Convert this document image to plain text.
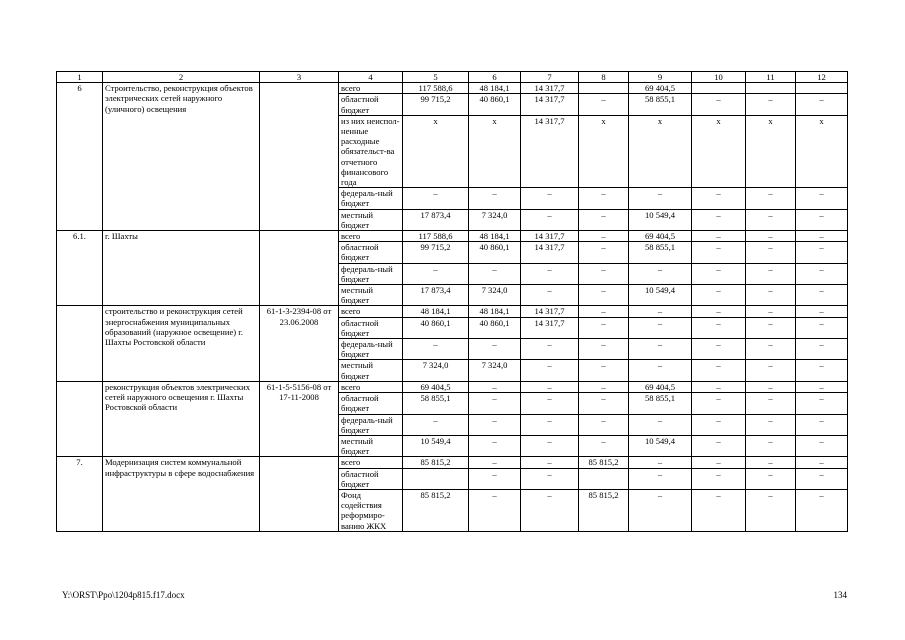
1	2	3	4	5	6	7	8	9	10	11	12
6	Строительство, реконструкция объектов электрических сетей наружного (уличного) освещения		всего	117 588,6	48 184,1	14 317,7		69 404,5			
			областной бюджет	99 715,2	40 860,1	14 317,7	–	58 855,1	–	–	–
			из них неиспол-ненные расходные обязательст-ва отчетного финансового года	х	х	14 317,7	х	х	х	х	х
			федераль-ный бюджет	–	–	–	–	–	–	–	–
			местный бюджет	17 873,4	7 324,0	–	–	10 549,4	–	–	–
6.1.	г. Шахты		всего	117 588,6	48 184,1	14 317,7	–	69 404,5	–	–	–
			областной бюджет	99 715,2	40 860,1	14 317,7	–	58 855,1	–	–	–
			федераль-ный бюджет	–	–	–	–	–	–	–	–
			местный бюджет	17 873,4	7 324,0	–	–	10 549,4	–	–	–
	строительство и реконструкция сетей энергоснабжения муниципальных образований (наружное освещение) г. Шахты Ростовской области	61-1-3-2394-08 от 23.06.2008	всего	48 184,1	48 184,1	14 317,7	–	–	–	–	–
			областной бюджет	40 860,1	40 860,1	14 317,7	–	–	–	–	–
			федераль-ный бюджет	–	–	–	–	–	–	–	–
			местный бюджет	7 324,0	7 324,0	–	–	–	–	–	–
	реконструкция объектов электрических сетей наружного освещения г. Шахты Ростовской области	61-1-5-5156-08 от 17-11-2008	всего	69 404,5	–	–	–	69 404,5	–	–	–
			областной бюджет	58 855,1	–	–	–	58 855,1	–	–	–
			федераль-ный бюджет	–	–	–	–	–	–	–	–
			местный бюджет	10 549,4	–	–	–	10 549,4	–	–	–
7.	Модернизация систем коммунальной инфраструктуры в сфере водоснабжения		всего	85 815,2	–	–	85 815,2	–	–	–	–
			областной бюджет		–	–		–	–	–	–
			Фонд содействия реформиро-ванию ЖКХ	85 815,2	–	–	85 815,2	–	–	–	–
Y:\ORST\Ppo\1204p815.f17.docx	134
